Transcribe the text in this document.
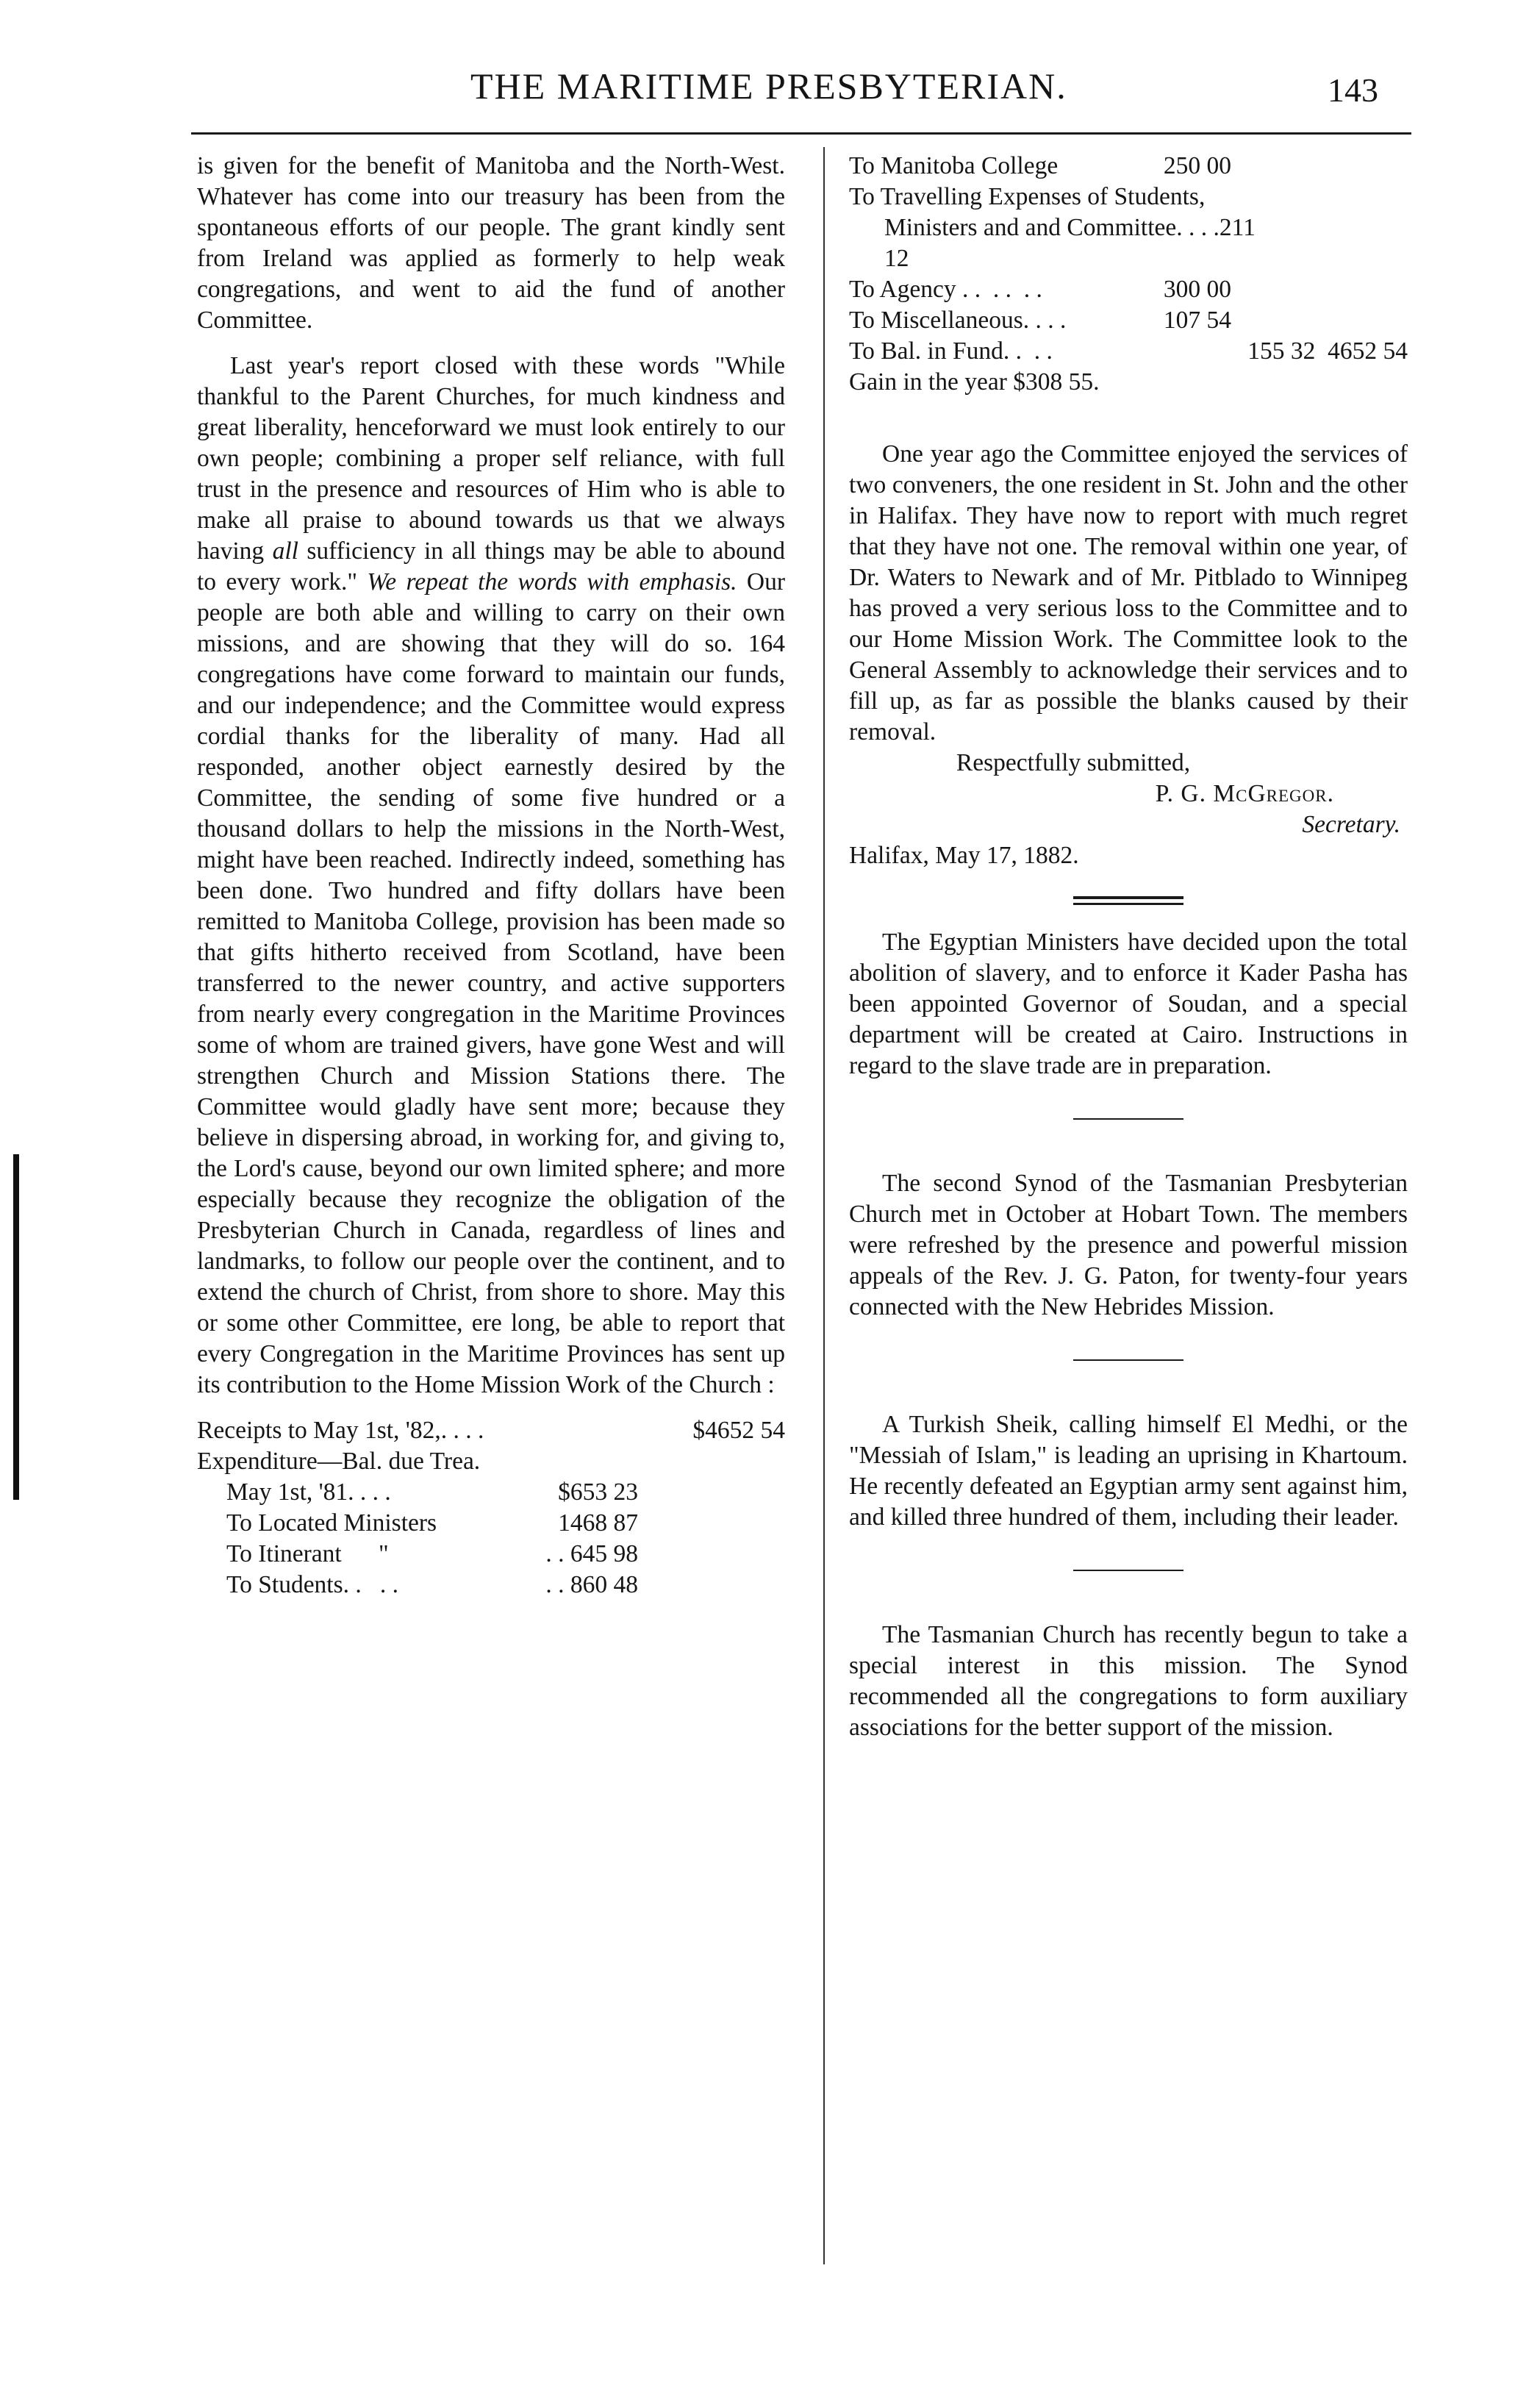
THE MARITIME PRESBYTERIAN.	143

is given for the benefit of Manitoba and the North-West. Whatever has come into our treasury has been from the spontaneous efforts of our people. The grant kindly sent from Ireland was applied as formerly to help weak congregations, and went to aid the fund of another Committee.

Last year's report closed with these words "While thankful to the Parent Churches, for much kindness and great liberality, henceforward we must look entirely to our own people; combining a proper self reliance, with full trust in the presence and resources of Him who is able to make all praise to abound towards us that we always having all sufficiency in all things may be able to abound to every work." We repeat the words with emphasis. Our people are both able and willing to carry on their own missions, and are showing that they will do so. 164 congregations have come forward to maintain our funds, and our independence; and the Committee would express cordial thanks for the liberality of many. Had all responded, another object earnestly desired by the Committee, the sending of some five hundred or a thousand dollars to help the missions in the North-West, might have been reached. Indirectly indeed, something has been done. Two hundred and fifty dollars have been remitted to Manitoba College, provision has been made so that gifts hitherto received from Scotland, have been transferred to the newer country, and active supporters from nearly every congregation in the Maritime Provinces some of whom are trained givers, have gone West and will strengthen Church and Mission Stations there. The Committee would gladly have sent more; because they believe in dispersing abroad, in working for, and giving to, the Lord's cause, beyond our own limited sphere; and more especially because they recognize the obligation of the Presbyterian Church in Canada, regardless of lines and landmarks, to follow our people over the continent, and to extend the church of Christ, from shore to shore. May this or some other Committee, ere long, be able to report that every Congregation in the Maritime Provinces has sent up its contribution to the Home Mission Work of the Church :

Receipts to May 1st, '82,. . . .	$4652 54
Expenditure—Bal. due Trea.
May 1st, '81. . . .	$653 23
To Located Ministers	1468 87
To Itinerant      "	. . 645 98
To Students. .   . .	. . 860 48
To Manitoba College	250 00

To Travelling Expenses of Students, Ministers and and Committee. . . .211 12

To Agency . .  . .  . .	300 00
To Miscellaneous. . . .	107 54
To Bal. in Fund. .  . .	155 32  4652 54

Gain in the year $308 55.

One year ago the Committee enjoyed the services of two conveners, the one resident in St. John and the other in Halifax. They have now to report with much regret that they have not one. The removal within one year, of Dr. Waters to Newark and of Mr. Pitblado to Winnipeg has proved a very serious loss to the Committee and to our Home Mission Work. The Committee look to the General Assembly to acknowledge their services and to fill up, as far as possible the blanks caused by their removal.

Respectfully submitted,
P. G. McGregor.
Secretary.

Halifax, May 17, 1882.

The Egyptian Ministers have decided upon the total abolition of slavery, and to enforce it Kader Pasha has been appointed Governor of Soudan, and a special department will be created at Cairo. Instructions in regard to the slave trade are in preparation.

The second Synod of the Tasmanian Presbyterian Church met in October at Hobart Town. The members were refreshed by the presence and powerful mission appeals of the Rev. J. G. Paton, for twenty-four years connected with the New Hebrides Mission.

A Turkish Sheik, calling himself El Medhi, or the "Messiah of Islam," is leading an uprising in Khartoum. He recently defeated an Egyptian army sent against him, and killed three hundred of them, including their leader.

The Tasmanian Church has recently begun to take a special interest in this mission. The Synod recommended all the congregations to form auxiliary associations for the better support of the mission.
